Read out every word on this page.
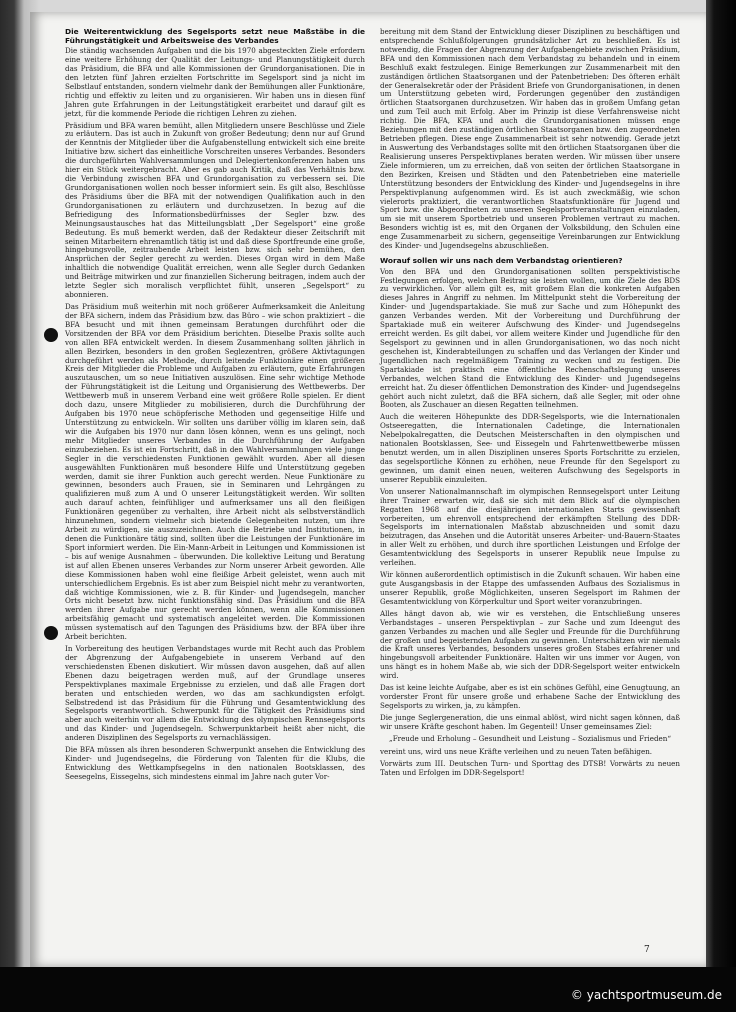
Die Weiterentwicklung des Segelsports setzt neue Maßstäbe in die Führungstätigkeit und Arbeitsweise des Verbandes

Die ständig wachsenden Aufgaben und die bis 1970 abgesteckten Ziele erfordern eine weitere Erhöhung der Qualität der Leitungs- und Planungstätigkeit durch das Präsidium, die BFA und alle Kommissionen der Grundorganisationen. Die in den letzten fünf Jahren erzielten Fortschritte im Segelsport sind ja nicht im Selbstlauf entstanden, sondern vielmehr dank der Bemühungen aller Funktionäre, richtig und effektiv zu leiten und zu organisieren. Wir haben uns in diesen fünf Jahren gute Erfahrungen in der Leitungstätigkeit erarbeitet und darauf gilt es jetzt, für die kommende Periode die richtigen Lehren zu ziehen.

Präsidium und BFA waren bemüht, allen Mitgliedern unsere Beschlüsse und Ziele zu erläutern. Das ist auch in Zukunft von großer Bedeutung; denn nur auf Grund der Kenntnis der Mitglieder über die Aufgabenstellung entwickelt sich eine breite Initiative bzw. sichert das einheitliche Vorschreiten unseres Verbandes. Besonders die durchgeführten Wahlversammlungen und Delegiertenkonferenzen haben uns hier ein Stück weitergebracht. Aber es gab auch Kritik, daß das Verhältnis bzw. die Verbindung zwischen BFA und Grundorganisation zu verbessern sei. Die Grundorganisationen wollen noch besser informiert sein. Es gilt also, Beschlüsse des Präsidiums über die BFA mit der notwendigen Qualifikation auch in den Grundorganisationen zu erläutern und durchzusetzen. In bezug auf die Befriedigung des Informationsbedürfnisses der Segler bzw. des Meinungsaustausches hat das Mitteilungsblatt „Der Segelsport“ eine große Bedeutung. Es muß bemerkt werden, daß der Redakteur dieser Zeitschrift mit seinen Mitarbeitern ehrenamtlich tätig ist und daß diese Sportfreunde eine große, hingebungsvolle, zeitraubende Arbeit leisten bzw. sich sehr bemühen, den Ansprüchen der Segler gerecht zu werden. Dieses Organ wird in dem Maße inhaltlich die notwendige Qualität erreichen, wenn alle Segler durch Gedanken und Beiträge mitwirken und zur finanziellen Sicherung beitragen, indem auch der letzte Segler sich moralisch verpflichtet fühlt, unseren „Segelsport“ zu abonnieren.

Das Präsidium muß weiterhin mit noch größerer Aufmerksamkeit die Anleitung der BFA sichern, indem das Präsidium bzw. das Büro – wie schon praktiziert – die BFA besucht und mit ihnen gemeinsam Beratungen durchführt oder die Vorsitzenden der BFA vor dem Präsidium berichten. Dieselbe Praxis sollte auch von allen BFA entwickelt werden. In diesem Zusammenhang sollten jährlich in allen Bezirken, besonders in den großen Seglezentren, größere Aktivtagungen durchgeführt werden als Methode, durch leitende Funktionäre einen größeren Kreis der Mitglieder die Probleme und Aufgaben zu erläutern, gute Erfahrungen auszutauschen, um so neue Initiativen auszulösen. Eine sehr wichtige Methode der Führungstätigkeit ist die Leitung und Organisierung des Wettbewerbs. Der Wettbewerb muß in unserem Verband eine weit größere Rolle spielen. Er dient doch dazu, unsere Mitglieder zu mobilisieren, durch die Durchführung der Aufgaben bis 1970 neue schöpferische Methoden und gegenseitige Hilfe und Unterstützung zu entwickeln. Wir sollten uns darüber völlig im klaren sein, daß wir die Aufgaben bis 1970 nur dann lösen können, wenn es uns gelingt, noch mehr Mitglieder unseres Verbandes in die Durchführung der Aufgaben einzubeziehen. Es ist ein Fortschritt, daß in den Wahlversammlungen viele junge Segler in die verschiedensten Funktionen gewählt wurden. Aber all diesen ausgewählten Funktionären muß besondere Hilfe und Unterstützung gegeben werden, damit sie ihrer Funktion auch gerecht werden. Neue Funktionäre zu gewinnen, besonders auch Frauen, sie in Seminaren und Lehrgängen zu qualifizieren muß zum A und O unserer Leitungstätigkeit werden. Wir sollten auch darauf achten, feinfühliger und aufmerksamer uns all den fleißigen Funktionären gegenüber zu verhalten, ihre Arbeit nicht als selbstverständlich hinzunehmen, sondern vielmehr sich bietende Gelegenheiten nutzen, um ihre Arbeit zu würdigen, sie auszuzeichnen. Auch die Betriebe und Institutionen, in denen die Funktionäre tätig sind, sollten über die Leistungen der Funktionäre im Sport informiert werden. Die Ein-Mann-Arbeit in Leitungen und Kommissionen ist – bis auf wenige Ausnahmen – überwunden. Die kollektive Leitung und Beratung ist auf allen Ebenen unseres Verbandes zur Norm unserer Arbeit geworden. Alle diese Kommissionen haben wohl eine fleißige Arbeit geleistet, wenn auch mit unterschiedlichem Ergebnis. Es ist aber zum Beispiel nicht mehr zu verantworten, daß wichtige Kommissionen, wie z. B. für Kinder- und Jugendsegeln, mancher Orts nicht besetzt bzw. nicht funktionsfähig sind. Das Präsidium und die BFA werden ihrer Aufgabe nur gerecht werden können, wenn alle Kommissionen arbeitsfähig gemacht und systematisch angeleitet werden. Die Kommissionen müssen systematisch auf den Tagungen des Präsidiums bzw. der BFA über ihre Arbeit berichten.

In Vorbereitung des heutigen Verbandstages wurde mit Recht auch das Problem der Abgrenzung der Aufgabengebiete in unserem Verband auf den verschiedensten Ebenen diskutiert. Wir müssen davon ausgehen, daß auf allen Ebenen dazu beigetragen werden muß, auf der Grundlage unseres Perspektivplanes maximale Ergebnisse zu erzielen, und daß alle Fragen dort beraten und entschieden werden, wo das am sachkundigsten erfolgt. Selbstredend ist das Präsidium für die Führung und Gesamtentwicklung des Segelsports verantwortlich. Schwerpunkt für die Tätigkeit des Präsidiums sind aber auch weiterhin vor allem die Entwicklung des olympischen Rennsegelsports und das Kinder- und Jugendsegeln. Schwerpunktarbeit heißt aber nicht, die anderen Disziplinen des Segelsports zu vernachlässigen.

Die BFA müssen als ihren besonderen Schwerpunkt ansehen die Entwicklung des Kinder- und Jugendsegelns, die Förderung von Talenten für die Klubs, die Entwicklung des Wettkampfsegelns in den nationalen Bootsklassen, des Seesegelns, Eissegelns, sich mindestens einmal im Jahre nach guter Vor-

bereitung mit dem Stand der Entwicklung dieser Disziplinen zu beschäftigen und entsprechende Schlußfolgerungen grundsätzlicher Art zu beschließen. Es ist notwendig, die Fragen der Abgrenzung der Aufgabengebiete zwischen Präsidium, BFA und den Kommissionen nach dem Verbandstag zu behandeln und in einem Beschluß exakt festzulegen. Einige Bemerkungen zur Zusammenarbeit mit den zuständigen örtlichen Staatsorganen und der Patenbetrieben: Des öfteren erhält der Generalsekretär oder der Präsident Briefe von Grundorganisationen, in denen um Unterstützung gebeten wird, Forderungen gegenüber den zuständigen örtlichen Staatsorganen durchzusetzen. Wir haben das in großem Umfang getan und zum Teil auch mit Erfolg. Aber im Prinzip ist diese Verfahrensweise nicht richtig. Die BFA, KFA und auch die Grundorganisationen müssen enge Beziehungen mit den zuständigen örtlichen Staatsorganen bzw. den zugeordneten Betrieben pflegen. Diese enge Zusammenarbeit ist sehr notwendig. Gerade jetzt in Auswertung des Verbandstages sollte mit den örtlichen Staatsorganen über die Realisierung unseres Perspektivplanes beraten werden. Wir müssen über unsere Ziele informieren, um zu erreichen, daß von seiten der örtlichen Staatsorgane in den Bezirken, Kreisen und Städten und den Patenbetrieben eine materielle Unterstützung besonders der Entwicklung des Kinder- und Jugendsegelns in ihre Perspektivplanung aufgenommen wird. Es ist auch zweckmäßig, wie schon vielerorts praktiziert, die verantwortlichen Staatsfunktionäre für Jugend und Sport bzw. die Abgeordneten zu unseren Segelsportveranstaltungen einzuladen, um sie mit unserem Sportbetrieb und unseren Problemen vertraut zu machen. Besonders wichtig ist es, mit den Organen der Volksbildung, den Schulen eine enge Zusammenarbeit zu sichern, gegenseitige Vereinbarungen zur Entwicklung des Kinder- und Jugendsegelns abzuschließen.

Worauf sollen wir uns nach dem Verbandstag orientieren?

Von den BFA und den Grundorganisationen sollten perspektivistische Festlegungen erfolgen, welchen Beitrag sie leisten wollen, um die Ziele des BDS zu verwirklichen. Vor allem gilt es, mit großem Elan die konkreten Aufgaben dieses Jahres in Angriff zu nehmen. Im Mittelpunkt steht die Vorbereitung der Kinder- und Jugendspartakiade. Sie muß zur Sache und zum Höhepunkt des ganzen Verbandes werden. Mit der Vorbereitung und Durchführung der Spartakiade muß ein weiterer Aufschwung des Kinder- und Jugendsegelns erreicht werden. Es gilt dabei, vor allem weitere Kinder und Jugendliche für den Segelsport zu gewinnen und in allen Grundorganisationen, wo das noch nicht geschehen ist, Kinderabteilungen zu schaffen und das Verlangen der Kinder und Jugendlichen nach regelmäßigem Training zu wecken und zu festigen. Die Spartakiade ist praktisch eine öffentliche Rechenschaftslegung unseres Verbandes, welchen Stand die Entwicklung des Kinder- und Jugendsegelns erreicht hat. Zu dieser öffentlichen Demonstration des Kinder- und Jugendsegelns gehört auch nicht zuletzt, daß die BFA sichern, daß alle Segler, mit oder ohne Booten, als Zuschauer an diesen Regatten teilnehmen.

Auch die weiteren Höhepunkte des DDR-Segelsports, wie die Internationalen Ostseeregatten, die Internationalen Cadetinge, die Internationalen Nebelpokalregatten, die Deutschen Meisterschaften in den olympischen und nationalen Bootsklassen, See- und Eissegeln und Fahrtenwettbewerbe müssen benutzt werden, um in allen Disziplinen unseres Sports Fortschritte zu erzielen, das segelsportliche Können zu erhöhen, neue Freunde für den Segelsport zu gewinnen, um damit einen neuen, weiteren Aufschwung des Segelsports in unserer Republik einzuleiten.

Von unserer Nationalmannschaft im olympischen Rennsegelsport unter Leitung ihrer Trainer erwarten wir, daß sie sich mit dem Blick auf die olympischen Regatten 1968 auf die diesjährigen internationalen Starts gewissenhaft vorbereiten, um ehrenvoll entsprechend der erkämpften Stellung des DDR-Segelsports im internationalen Maßstab abzuschneiden und somit dazu beizutragen, das Ansehen und die Autorität unseres Arbeiter- und-Bauern-Staates in aller Welt zu erhöhen, und durch ihre sportlichen Leistungen und Erfolge der Gesamtentwicklung des Segelsports in unserer Republik neue Impulse zu verleihen.

Wir können außerordentlich optimistisch in die Zukunft schauen. Wir haben eine gute Ausgangsbasis in der Etappe des umfassenden Aufbaus des Sozialismus in unserer Republik, große Möglichkeiten, unseren Segelsport im Rahmen der Gesamtentwicklung von Körperkultur und Sport weiter voranzubringen.

Alles hängt davon ab, wie wir es verstehen, die Entschließung unseres Verbandstages – unseren Perspektivplan – zur Sache und zum Ideengut des ganzen Verbandes zu machen und alle Segler und Freunde für die Durchführung der großen und begeisternden Aufgaben zu gewinnen. Unterschätzen wir niemals die Kraft unseres Verbandes, besonders unseres großen Stabes erfahrener und hingebungsvoll arbeitender Funktionäre. Halten wir uns immer vor Augen, von uns hängt es in hohem Maße ab, wie sich der DDR-Segelsport weiter entwickeln wird.

Das ist keine leichte Aufgabe, aber es ist ein schönes Gefühl, eine Genugtuung, an vorderster Front für unsere große und erhabene Sache der Entwicklung des Segelsports zu wirken, ja, zu kämpfen.

Die junge Seglergeneration, die uns einmal ablöst, wird nicht sagen können, daß wir unsere Kräfte geschont haben. Im Gegenteil! Unser gemeinsames Ziel:

„Freude und Erholung – Gesundheit und Leistung – Sozialismus und Frieden“

vereint uns, wird uns neue Kräfte verleihen und zu neuen Taten befähigen.

Vorwärts zum III. Deutschen Turn- und Sporttag des DTSB! Vorwärts zu neuen Taten und Erfolgen im DDR-Segelsport!

7
© yachtsportmuseum.de
